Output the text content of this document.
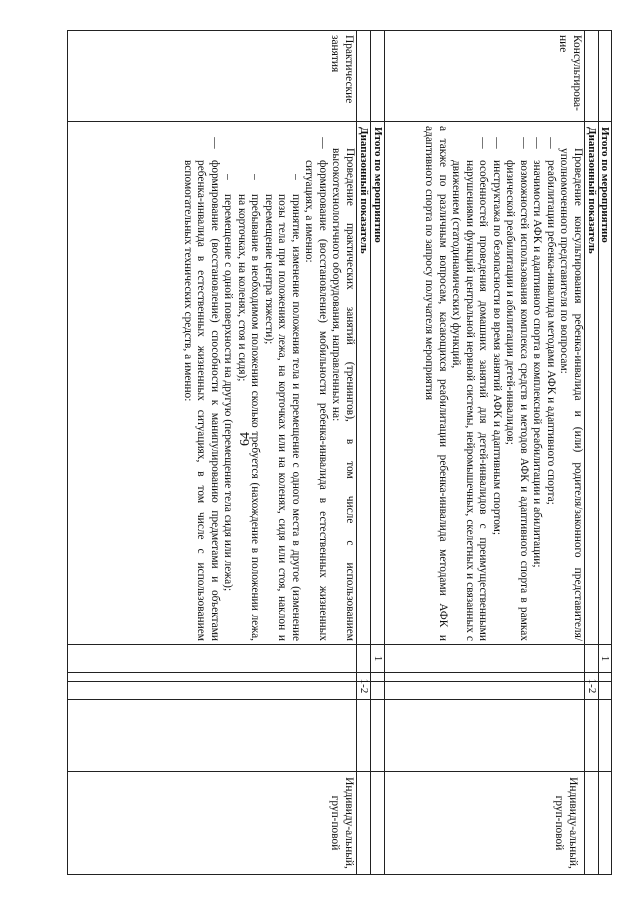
64
Итого по мероприятию
Диапазонный показатель
1
1-2
Консультирова-ние
Индивиду-альный, груп-повой
Проведение консультирования ребенка-инвалида и (или) родителя/законного представителя/уполномоченного представителя по вопросам:
—
реабилитации ребенка-инвалида методами АФК и адаптивного спорта;
—
значимости АФК и адаптивного спорта в комплексной реабилитации и абилитации;
—
возможностей использования комплекса средств и методов АФК и адаптивного спорта в рамках физической реабилитации и абилитации детей-инвалидов;
—
инструктажа по безопасности во время занятий АФК и адаптивным спортом;
—
особенностей проведения домашних занятий для детей-инвалидов с преимущественными нарушениями функций центральной нервной системы, нейромышечных, скелетных и связанных с движением (статодинамических) функций,
а также по различным вопросам, касающихся реабилитации ребенка-инвалида методами АФК и адаптивного спорта по запросу получателя мероприятия
Итого по мероприятию
Диапазонный показатель
1
1-2
Практические занятия
Индивиду-альный, груп-повой
Проведение практических занятий (тренингов), в том числе с использованием высокотехнологичного оборудования, направленных на:
—
формирование (восстановление) мобильности ребенка-инвалида в естественных жизненных ситуациях, а именно:
–
принятие, изменение положения тела и перемещение с одного места в другое (изменение позы тела при положениях лежа, на корточках или на коленях, сидя или стоя, наклон и перемещение центра тяжести);
–
пребывание в необходимом положении сколько требуется (нахождение в положении лежа, на корточках, на коленях, стоя и сидя);
–
перемещение с одной поверхности на другую (перемещение тела сидя или лежа);
—
формирование (восстановление) способности к манипулированию предметами и объектами ребенка-инвалида в естественных жизненных ситуациях, в том числе с использованием вспомогательных технических средств, а именно:
